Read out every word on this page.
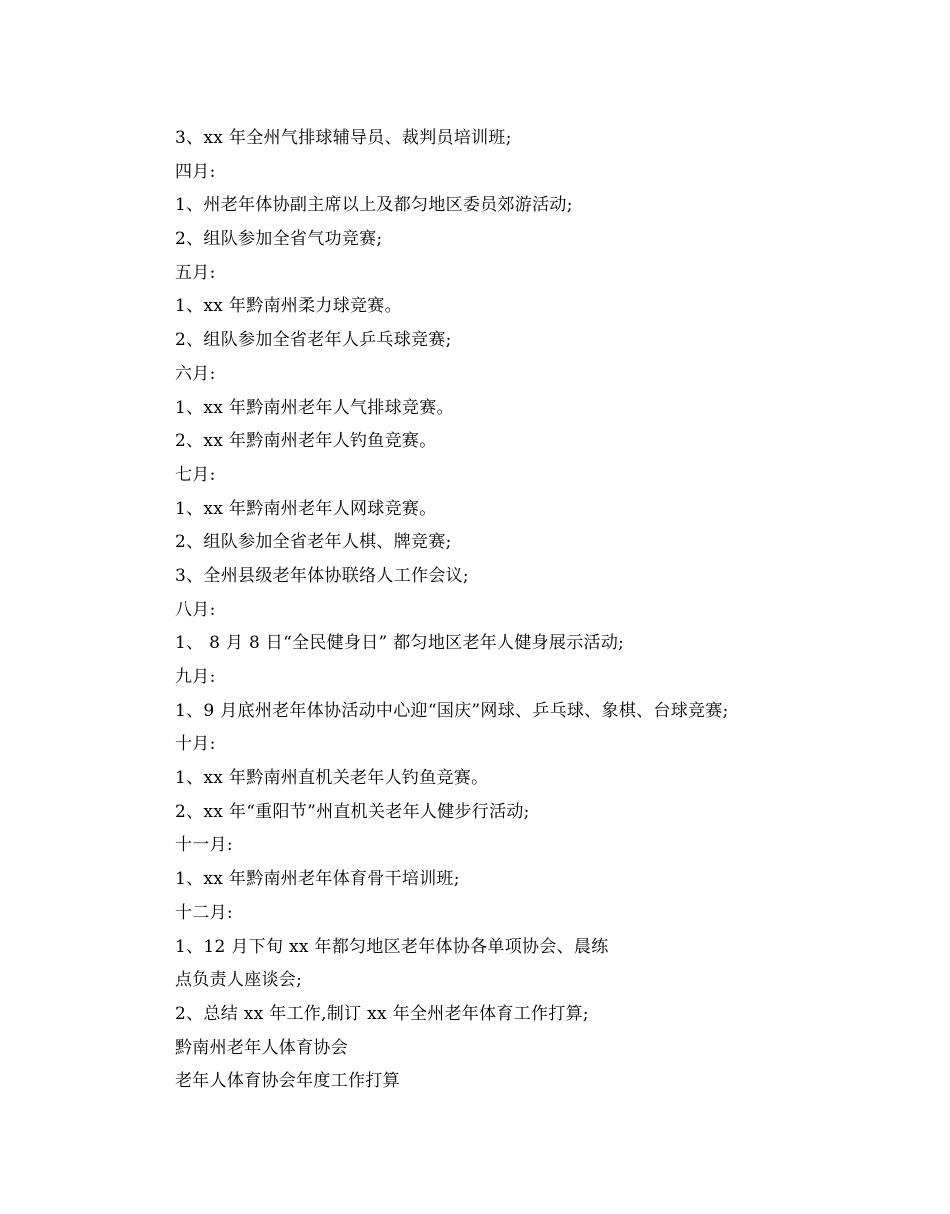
3、xx 年全州气排球辅导员、裁判员培训班;
四月:
1、州老年体协副主席以上及都匀地区委员郊游活动;
2、组队参加全省气功竞赛;
五月:
1、xx 年黔南州柔力球竞赛。
2、组队参加全省老年人乒乓球竞赛;
六月:
1、xx 年黔南州老年人气排球竞赛。
2、xx 年黔南州老年人钓鱼竞赛。
七月:
1、xx 年黔南州老年人网球竞赛。
2、组队参加全省老年人棋、牌竞赛;
3、全州县级老年体协联络人工作会议;
八月:
1、 8 月 8 日“全民健身日” 都匀地区老年人健身展示活动;
九月:
1、9 月底州老年体协活动中心迎“国庆”网球、乒乓球、象棋、台球竞赛;
十月:
1、xx 年黔南州直机关老年人钓鱼竞赛。
2、xx 年“重阳节”州直机关老年人健步行活动;
十一月:
1、xx 年黔南州老年体育骨干培训班;
十二月:
1、12 月下旬 xx 年都匀地区老年体协各单项协会、晨练
点负责人座谈会;
2、总结 xx 年工作,制订 xx 年全州老年体育工作打算;
黔南州老年人体育协会
老年人体育协会年度工作打算
